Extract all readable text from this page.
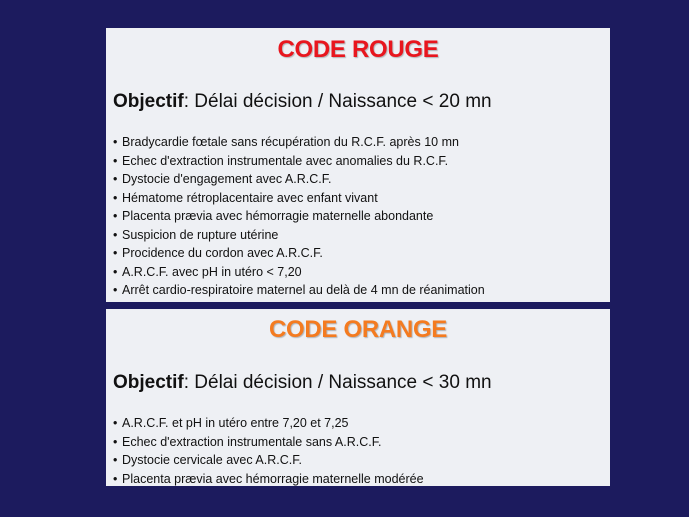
CODE ROUGE
Objectif: Délai décision / Naissance < 20 mn
• Bradycardie fœtale sans récupération du R.C.F. après 10 mn
• Echec d'extraction instrumentale avec anomalies du R.C.F.
• Dystocie d'engagement avec A.R.C.F.
• Hématome rétroplacentaire avec enfant vivant
• Placenta prævia avec hémorragie maternelle abondante
• Suspicion de rupture utérine
• Procidence du cordon avec A.R.C.F.
• A.R.C.F. avec pH in utéro < 7,20
• Arrêt cardio-respiratoire maternel au delà de 4 mn de réanimation
CODE ORANGE
Objectif: Délai décision / Naissance < 30 mn
• A.R.C.F. et pH in utéro entre 7,20 et 7,25
• Echec d'extraction instrumentale sans A.R.C.F.
• Dystocie cervicale avec A.R.C.F.
• Placenta prævia avec hémorragie maternelle modérée
